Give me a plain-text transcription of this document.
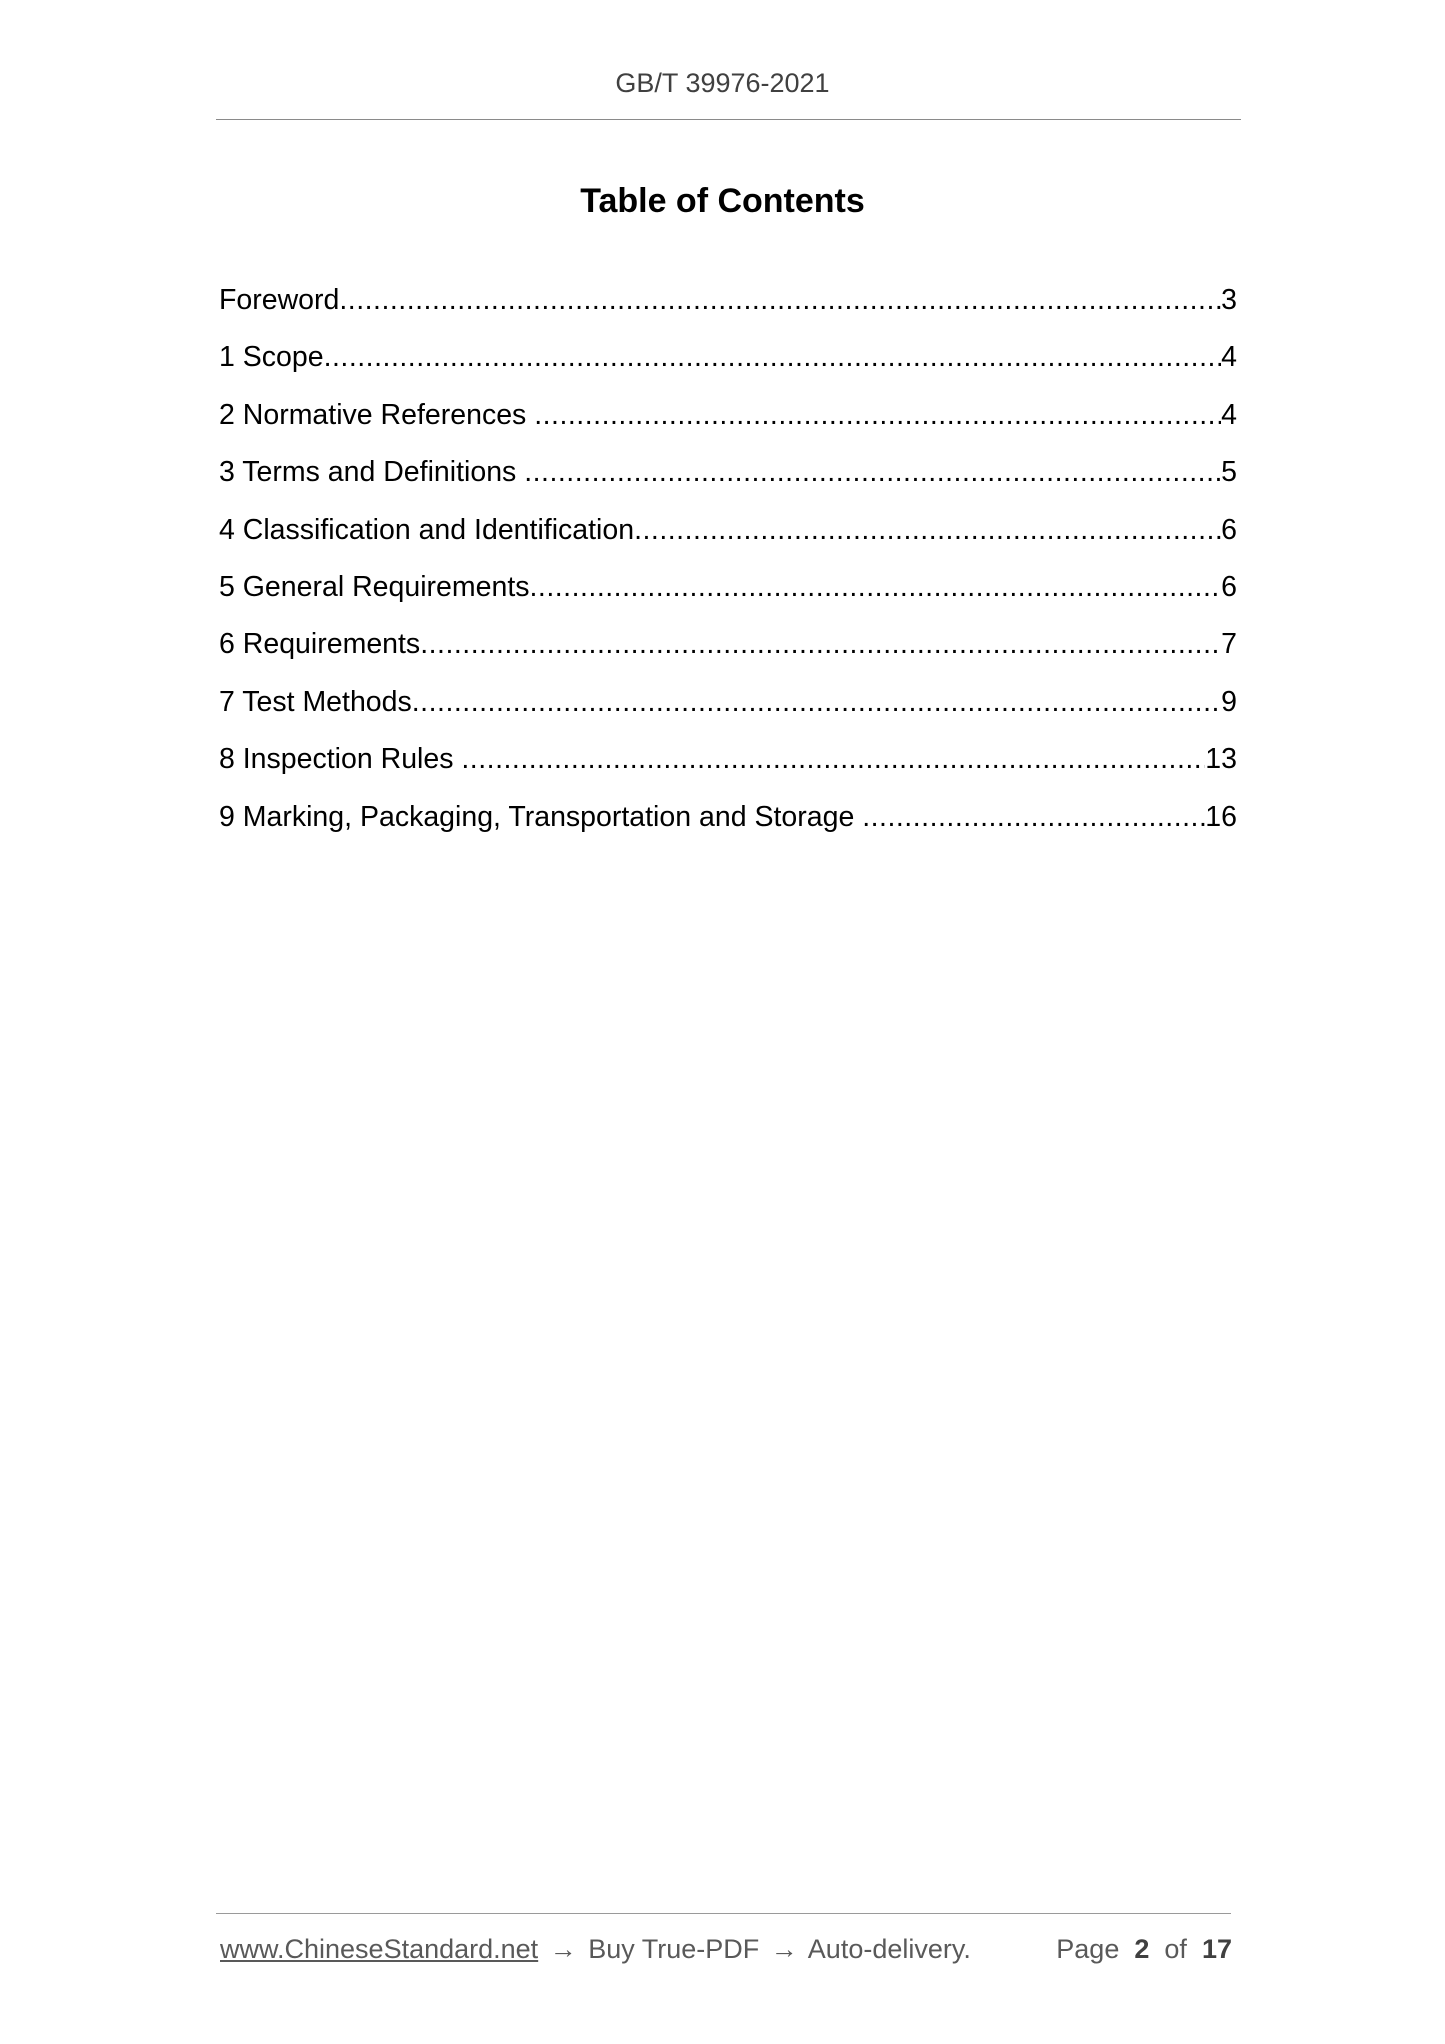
GB/T 39976-2021
Table of Contents
Foreword .....	3
1 Scope .....	4
2 Normative References .....	4
3 Terms and Definitions .....	5
4 Classification and Identification .....	6
5 General Requirements .....	6
6 Requirements .....	7
7 Test Methods .....	9
8 Inspection Rules .....	13
9 Marking, Packaging, Transportation and Storage .....	16
www.ChineseStandard.net → Buy True-PDF → Auto-delivery.	Page 2 of 17
